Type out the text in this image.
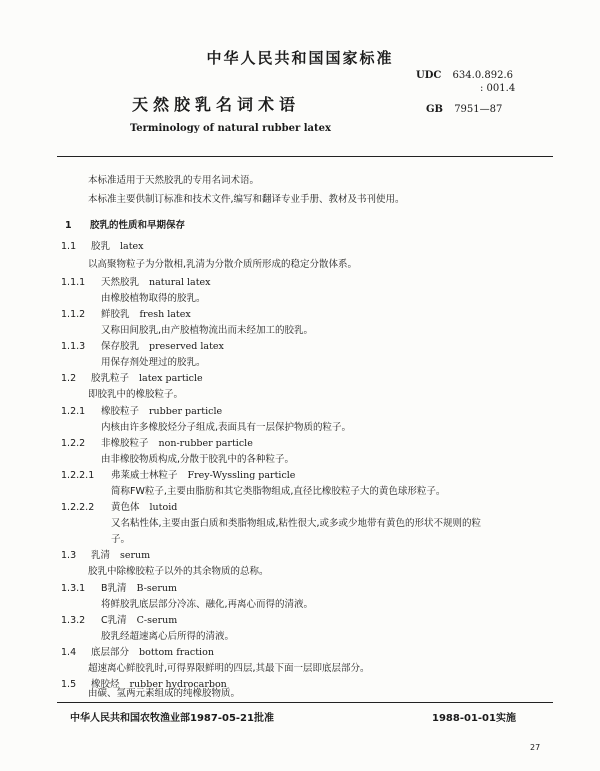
中华人民共和国国家标准
天然胶乳名词术语
Terminology of natural rubber latex
UDC 634.0.892.6
: 001.4
GB 7951—87
本标准适用于天然胶乳的专用名词术语。
本标准主要供制订标准和技术文件,编写和翻译专业手册、教材及书刊使用。
1 胶乳的性质和早期保存
1.1 胶乳 latex
以高聚物粒子为分散相,乳清为分散介质所形成的稳定分散体系。
1.1.1 天然胶乳 natural latex
由橡胶植物取得的胶乳。
1.1.2 鲜胶乳 fresh latex
又称田间胶乳,由产胶植物流出而未经加工的胶乳。
1.1.3 保存胶乳 preserved latex
用保存剂处理过的胶乳。
1.2 胶乳粒子 latex particle
即胶乳中的橡胶粒子。
1.2.1 橡胶粒子 rubber particle
内核由许多橡胶烃分子组成,表面具有一层保护物质的粒子。
1.2.2 非橡胶粒子 non-rubber particle
由非橡胶物质构成,分散于胶乳中的各种粒子。
1.2.2.1 弗莱威士林粒子 Frey-Wyssling particle
简称FW粒子,主要由脂肪和其它类脂物组成,直径比橡胶粒子大的黄色球形粒子。
1.2.2.2 黄色体 lutoid
又名粘性体,主要由蛋白质和类脂物组成,粘性很大,或多或少地带有黄色的形状不规则的粒
子。
1.3 乳清 serum
胶乳中除橡胶粒子以外的其余物质的总称。
1.3.1 B乳清 B-serum
将鲜胶乳底层部分冷冻、融化,再离心而得的清液。
1.3.2 C乳清 C-serum
胶乳经超速离心后所得的清液。
1.4 底层部分 bottom fraction
超速离心鲜胶乳时,可得界限鲜明的四层,其最下面一层即底层部分。
1.5 橡胶烃 rubber hydrocarbon
由碳、氢两元素组成的纯橡胶物质。
中华人民共和国农牧渔业部1987-05-21批准	1988-01-01实施
27
